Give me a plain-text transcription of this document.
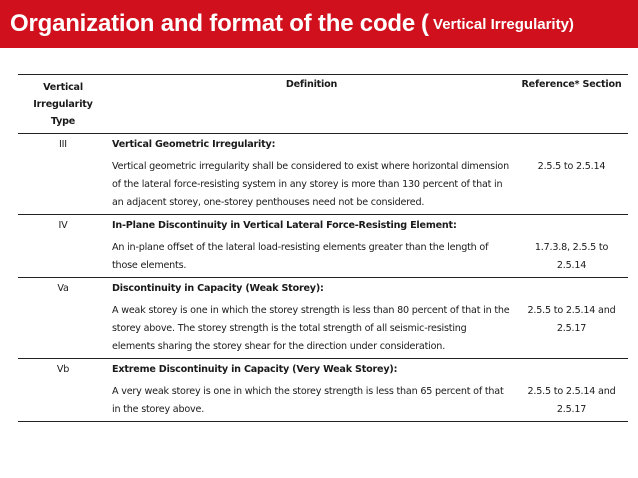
Organization and format of the code ( Vertical Irregularity)
Vertical Irregularity Type	Definition	Reference* Section
III	Vertical Geometric Irregularity:	
	Vertical geometric irregularity shall be considered to exist where horizontal dimension of the lateral force-resisting system in any storey is more than 130 percent of that in an adjacent storey, one-storey penthouses need not be considered.	2.5.5 to 2.5.14
IV	In-Plane Discontinuity in Vertical Lateral Force-Resisting Element:	
	An in-plane offset of the lateral load-resisting elements greater than the length of those elements.	1.7.3.8, 2.5.5 to 2.5.14
Va	Discontinuity in Capacity (Weak Storey):	
	A weak storey is one in which the storey strength is less than 80 percent of that in the storey above. The storey strength is the total strength of all seismic-resisting elements sharing the storey shear for the direction under consideration.	2.5.5 to 2.5.14 and 2.5.17
Vb	Extreme Discontinuity in Capacity (Very Weak Storey):	
	A very weak storey is one in which the storey strength is less than 65 percent of that in the storey above.	2.5.5 to 2.5.14 and 2.5.17
